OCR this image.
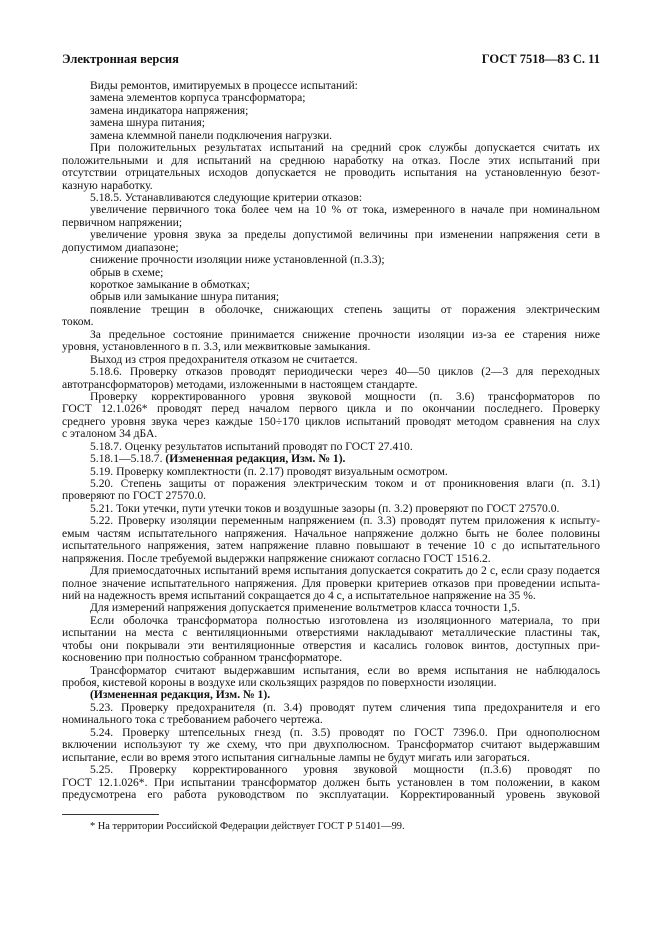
Электронная версия	ГОСТ 7518—83 С. 11
Виды ремонтов, имитируемых в процессе испытаний:
замена элементов корпуса трансформатора;
замена индикатора напряжения;
замена шнура питания;
замена клеммной панели подключения нагрузки.
При положительных результатах испытаний на средний срок службы допускается считать их
положительными и для испытаний на среднюю наработку на отказ. После этих испытаний при
отсутствии отрицательных исходов допускается не проводить испытания на установленную безот-
казную наработку.
5.18.5. Устанавливаются следующие критерии отказов:
увеличение первичного тока более чем на 10 % от тока, измеренного в начале при номинальном
первичном напряжении;
увеличение уровня звука за пределы допустимой величины при изменении напряжения сети в
допустимом диапазоне;
снижение прочности изоляции ниже установленной (п.3.3);
обрыв в схеме;
короткое замыкание в обмотках;
обрыв или замыкание шнура питания;
появление трещин в оболочке, снижающих степень защиты от поражения электрическим
током.
За предельное состояние принимается снижение прочности изоляции из-за ее старения ниже
уровня, установленного в п. 3.3, или межвитковые замыкания.
Выход из строя предохранителя отказом не считается.
5.18.6. Проверку отказов проводят периодически через 40—50 циклов (2—3 для переходных
автотрансформаторов) методами, изложенными в настоящем стандарте.
Проверку корректированного уровня звуковой мощности (п. 3.6) трансформаторов по
ГОСТ 12.1.026* проводят перед началом первого цикла и по окончании последнего. Проверку
среднего уровня звука через каждые 150÷170 циклов испытаний проводят методом сравнения на слух
с эталоном 34 дБА.
5.18.7. Оценку результатов испытаний проводят по ГОСТ 27.410.
5.18.1—5.18.7. (Измененная редакция, Изм. № 1).
5.19. Проверку комплектности (п. 2.17) проводят визуальным осмотром.
5.20. Степень защиты от поражения электрическим током и от проникновения влаги (п. 3.1)
проверяют по ГОСТ 27570.0.
5.21. Токи утечки, пути утечки токов и воздушные зазоры (п. 3.2) проверяют по ГОСТ 27570.0.
5.22. Проверку изоляции переменным напряжением (п. 3.3) проводят путем приложения к испыту-
емым частям испытательного напряжения. Начальное напряжение должно быть не более половины
испытательного напряжения, затем напряжение плавно повышают в течение 10 с до испытательного
напряжения. После требуемой выдержки напряжение снижают согласно ГОСТ 1516.2.
Для приемосдаточных испытаний время испытания допускается сократить до 2 с, если сразу подается
полное значение испытательного напряжения. Для проверки критериев отказов при проведении испыта-
ний на надежность время испытаний сокращается до 4 с, а испытательное напряжение на 35 %.
Для измерений напряжения допускается применение вольтметров класса точности 1,5.
Если оболочка трансформатора полностью изготовлена из изоляционного материала, то при
испытании на места с вентиляционными отверстиями накладывают металлические пластины так,
чтобы они покрывали эти вентиляционные отверстия и касались головок винтов, доступных при-
косновению при полностью собранном трансформаторе.
Трансформатор считают выдержавшим испытания, если во время испытания не наблюдалось
пробоя, кистевой короны в воздухе или скользящих разрядов по поверхности изоляции.
(Измененная редакция, Изм. № 1).
5.23. Проверку предохранителя (п. 3.4) проводят путем сличения типа предохранителя и его
номинального тока с требованием рабочего чертежа.
5.24. Проверку штепсельных гнезд (п. 3.5) проводят по ГОСТ 7396.0. При однополюсном
включении используют ту же схему, что при двухполюсном. Трансформатор считают выдержавшим
испытание, если во время этого испытания сигнальные лампы не будут мигать или загораться.
5.25. Проверку корректированного уровня звуковой мощности (п.3.6) проводят по
ГОСТ 12.1.026*. При испытании трансформатор должен быть установлен в том положении, в каком
предусмотрена его работа руководством по эксплуатации. Корректированный уровень звуковой
* На территории Российской Федерации действует ГОСТ Р 51401—99.
